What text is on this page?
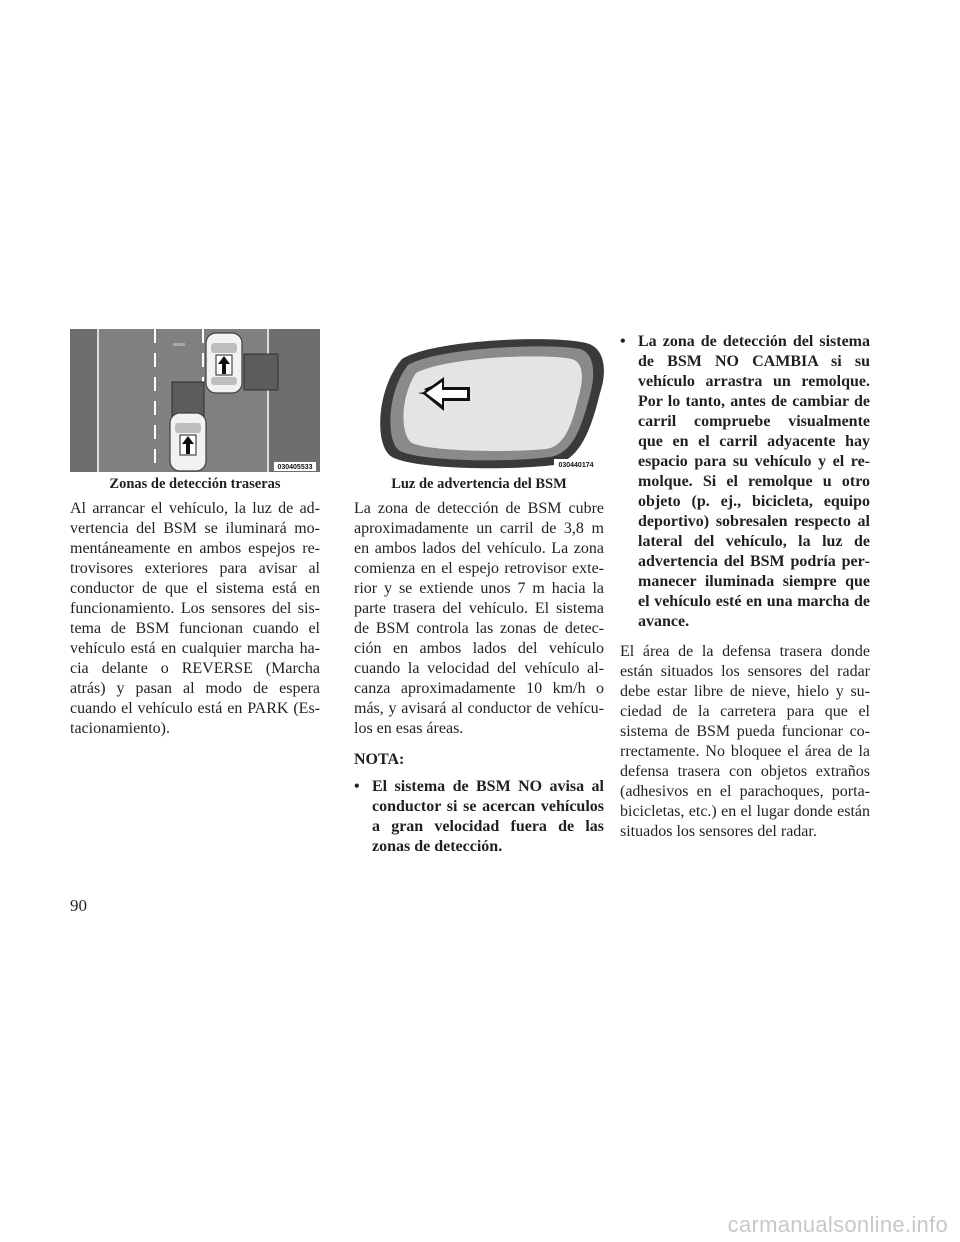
030405533
Zonas de detección traseras

Al arrancar el vehículo, la luz de advertencia del BSM se iluminará momentáneamente en ambos espejos retrovisores exteriores para avisar al conductor de que el sistema está en funcionamiento. Los sensores del sistema de BSM funcionan cuando el vehículo está en cualquier marcha hacia delante o REVERSE (Marcha atrás) y pasan al modo de espera cuando el vehículo está en PARK (Estacionamiento).

030440174
Luz de advertencia del BSM

La zona de detección de BSM cubre aproximadamente un carril de 3,8 m en ambos lados del vehículo. La zona comienza en el espejo retrovisor exterior y se extiende unos 7 m hacia la parte trasera del vehículo. El sistema de BSM controla las zonas de detección en ambos lados del vehículo cuando la velocidad del vehículo alcanza aproximadamente 10 km/h o más, y avisará al conductor de vehículos en esas áreas.

NOTA:
• El sistema de BSM NO avisa al conductor si se acercan vehículos a gran velocidad fuera de las zonas de detección.
• La zona de detección del sistema de BSM NO CAMBIA si su vehículo arrastra un remolque. Por lo tanto, antes de cambiar de carril compruebe visualmente que en el carril adyacente hay espacio para su vehículo y el remolque. Si el remolque u otro objeto (p. ej., bicicleta, equipo deportivo) sobresalen respecto al lateral del vehículo, la luz de advertencia del BSM podría permanecer iluminada siempre que el vehículo esté en una marcha de avance.

El área de la defensa trasera donde están situados los sensores del radar debe estar libre de nieve, hielo y suciedad de la carretera para que el sistema de BSM pueda funcionar correctamente. No bloquee el área de la defensa trasera con objetos extraños (adhesivos en el parachoques, portabicicletas, etc.) en el lugar donde están situados los sensores del radar.

90
carmanualsonline.info
